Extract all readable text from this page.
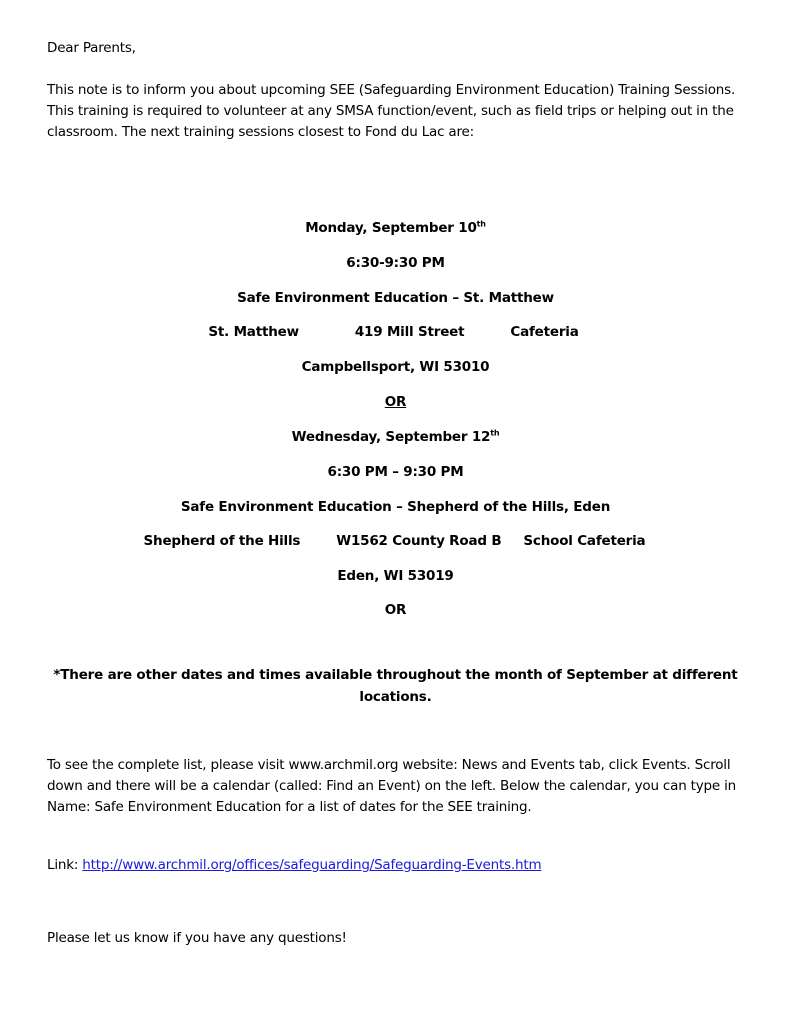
Dear Parents,

This note is to inform you about upcoming SEE (Safeguarding Environment Education) Training Sessions. This training is required to volunteer at any SMSA function/event, such as field trips or helping out in the classroom. The next training sessions closest to Fond du Lac are:

Monday, September 10th

6:30-9:30 PM

Safe Environment Education – St. Matthew

St. Matthew	419 Mill Street	Cafeteria

Campbellsport, WI 53010

OR

Wednesday, September 12th

6:30 PM – 9:30 PM

Safe Environment Education – Shepherd of the Hills, Eden

Shepherd of the Hills	W1562 County Road B School Cafeteria

Eden, WI 53019

OR

*There are other dates and times available throughout the month of September at different locations.

To see the complete list, please visit www.archmil.org website: News and Events tab, click Events. Scroll down and there will be a calendar (called: Find an Event) on the left. Below the calendar, you can type in Name: Safe Environment Education for a list of dates for the SEE training.

Link: http://www.archmil.org/offices/safeguarding/Safeguarding-Events.htm

Please let us know if you have any questions!
